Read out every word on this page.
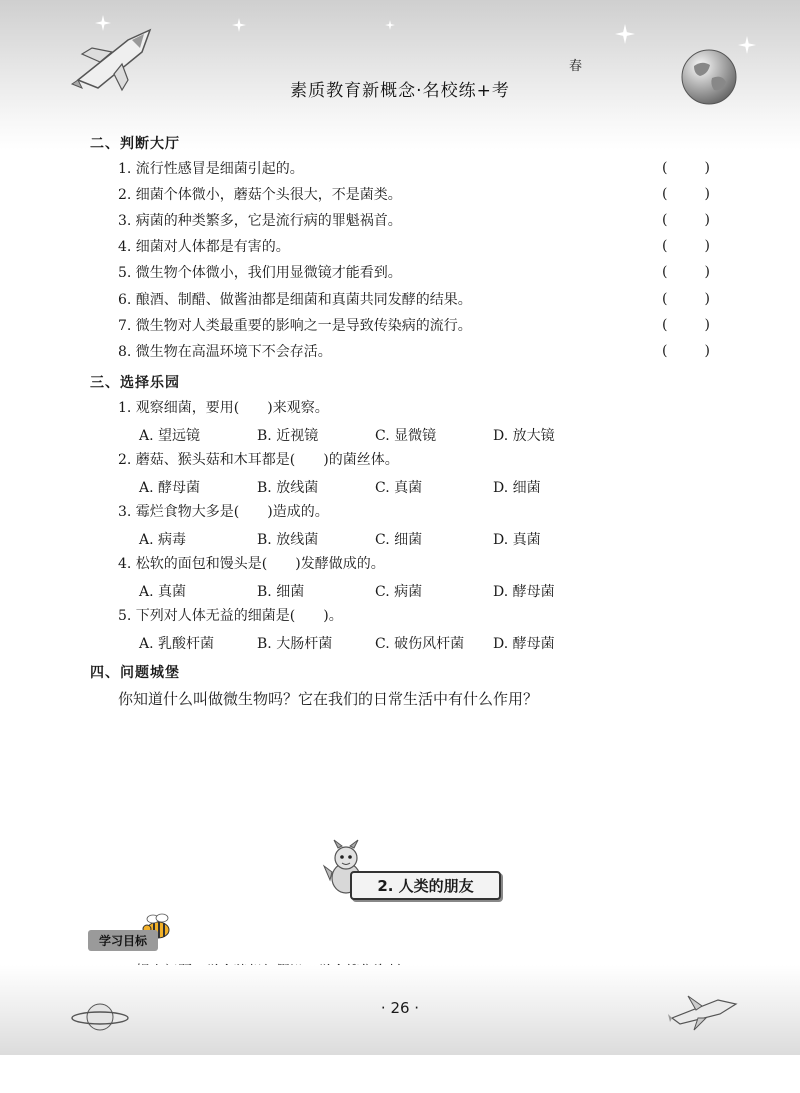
春
素质教育新概念·名校练+考
二、判断大厅
1. 流行性感冒是细菌引起的。	(	)
2. 细菌个体微小，蘑菇个头很大，不是菌类。	(	)
3. 病菌的种类繁多，它是流行病的罪魁祸首。	(	)
4. 细菌对人体都是有害的。	(	)
5. 微生物个体微小，我们用显微镜才能看到。	(	)
6. 酿酒、制醋、做酱油都是细菌和真菌共同发酵的结果。	(	)
7. 微生物对人类最重要的影响之一是导致传染病的流行。	(	)
8. 微生物在高温环境下不会存活。	(	)
三、选择乐园
1. 观察细菌，要用(　　)来观察。
A. 望远镜	B. 近视镜	C. 显微镜	D. 放大镜
2. 蘑菇、猴头菇和木耳都是(　　)的菌丝体。
A. 酵母菌	B. 放线菌	C. 真菌	D. 细菌
3. 霉烂食物大多是(　　)造成的。
A. 病毒	B. 放线菌	C. 细菌	D. 真菌
4. 松软的面包和馒头是(　　)发酵做成的。
A. 真菌	B. 细菌	C. 病菌	D. 酵母菌
5. 下列对人体无益的细菌是(　　)。
A. 乳酸杆菌	B. 大肠杆菌	C. 破伤风杆菌 D. 酵母菌
四、问题城堡
你知道什么叫做微生物吗？它在我们的日常生活中有什么作用？
2. 人类的朋友
学习目标
· 26 ·
